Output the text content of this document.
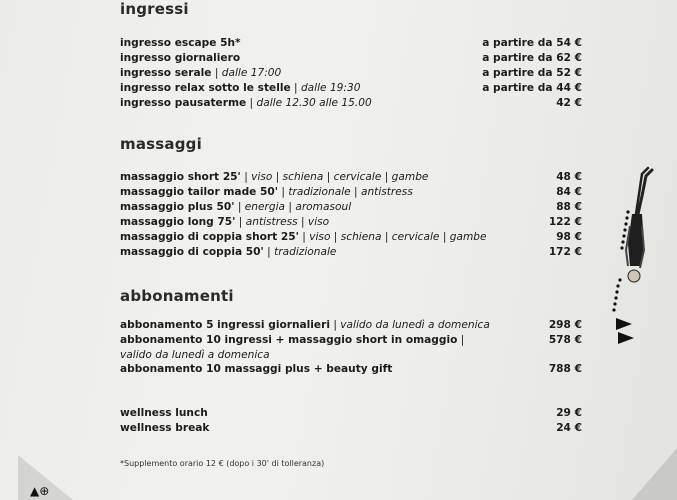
ingressi
ingresso escape 5h*	a partire da 54 €
ingresso giornaliero	a partire da 62 €
ingresso serale | dalle 17:00	a partire da 52 €
ingresso relax sotto le stelle | dalle 19:30	a partire da 44 €
ingresso pausaterme | dalle 12.30 alle 15.00	42 €
massaggi
massaggio short 25' | viso | schiena | cervicale | gambe	48 €
massaggio tailor made 50' | tradizionale | antistress	84 €
massaggio plus 50' | energia | aromasoul	88 €
massaggio long 75' | antistress | viso	122 €
massaggio di coppia short 25' | viso | schiena | cervicale | gambe	98 €
massaggio di coppia 50' | tradizionale	172 €
abbonamenti
abbonamento 5 ingressi giornalieri | valido da lunedì a domenica	298 €
abbonamento 10 ingressi + massaggio short in omaggio |	578 €
valido da lunedì a domenica
abbonamento 10 massaggi plus + beauty gift	788 €
wellness lunch	29 €
wellness break	24 €
*Supplemento orario 12 € (dopo i 30' di tolleranza)
▲⊕
